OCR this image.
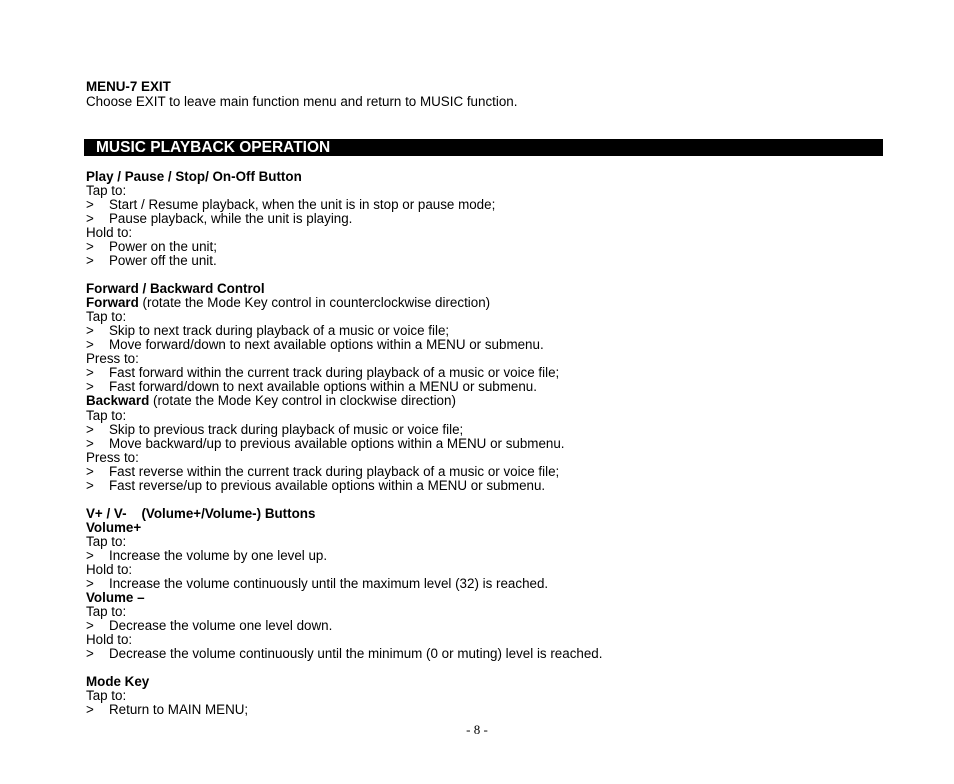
MENU-7 EXIT
Choose EXIT to leave main function menu and return to MUSIC function.
MUSIC PLAYBACK OPERATION
Play / Pause / Stop/ On-Off Button
Tap to:
> Start / Resume playback, when the unit is in stop or pause mode;
> Pause playback, while the unit is playing.
Hold to:
> Power on the unit;
> Power off the unit.
Forward / Backward Control
Forward (rotate the Mode Key control in counterclockwise direction)
Tap to:
> Skip to next track during playback of a music or voice file;
> Move forward/down to next available options within a MENU or submenu.
Press to:
> Fast forward within the current track during playback of a music or voice file;
> Fast forward/down to next available options within a MENU or submenu.
Backward (rotate the Mode Key control in clockwise direction)
Tap to:
> Skip to previous track during playback of music or voice file;
> Move backward/up to previous available options within a MENU or submenu.
Press to:
> Fast reverse within the current track during playback of a music or voice file;
> Fast reverse/up to previous available options within a MENU or submenu.
V+ / V-    (Volume+/Volume-) Buttons
Volume+
Tap to:
> Increase the volume by one level up.
Hold to:
> Increase the volume continuously until the maximum level (32) is reached.
Volume –
Tap to:
> Decrease the volume one level down.
Hold to:
> Decrease the volume continuously until the minimum (0 or muting) level is reached.
Mode Key
Tap to:
> Return to MAIN MENU;
- 8 -
